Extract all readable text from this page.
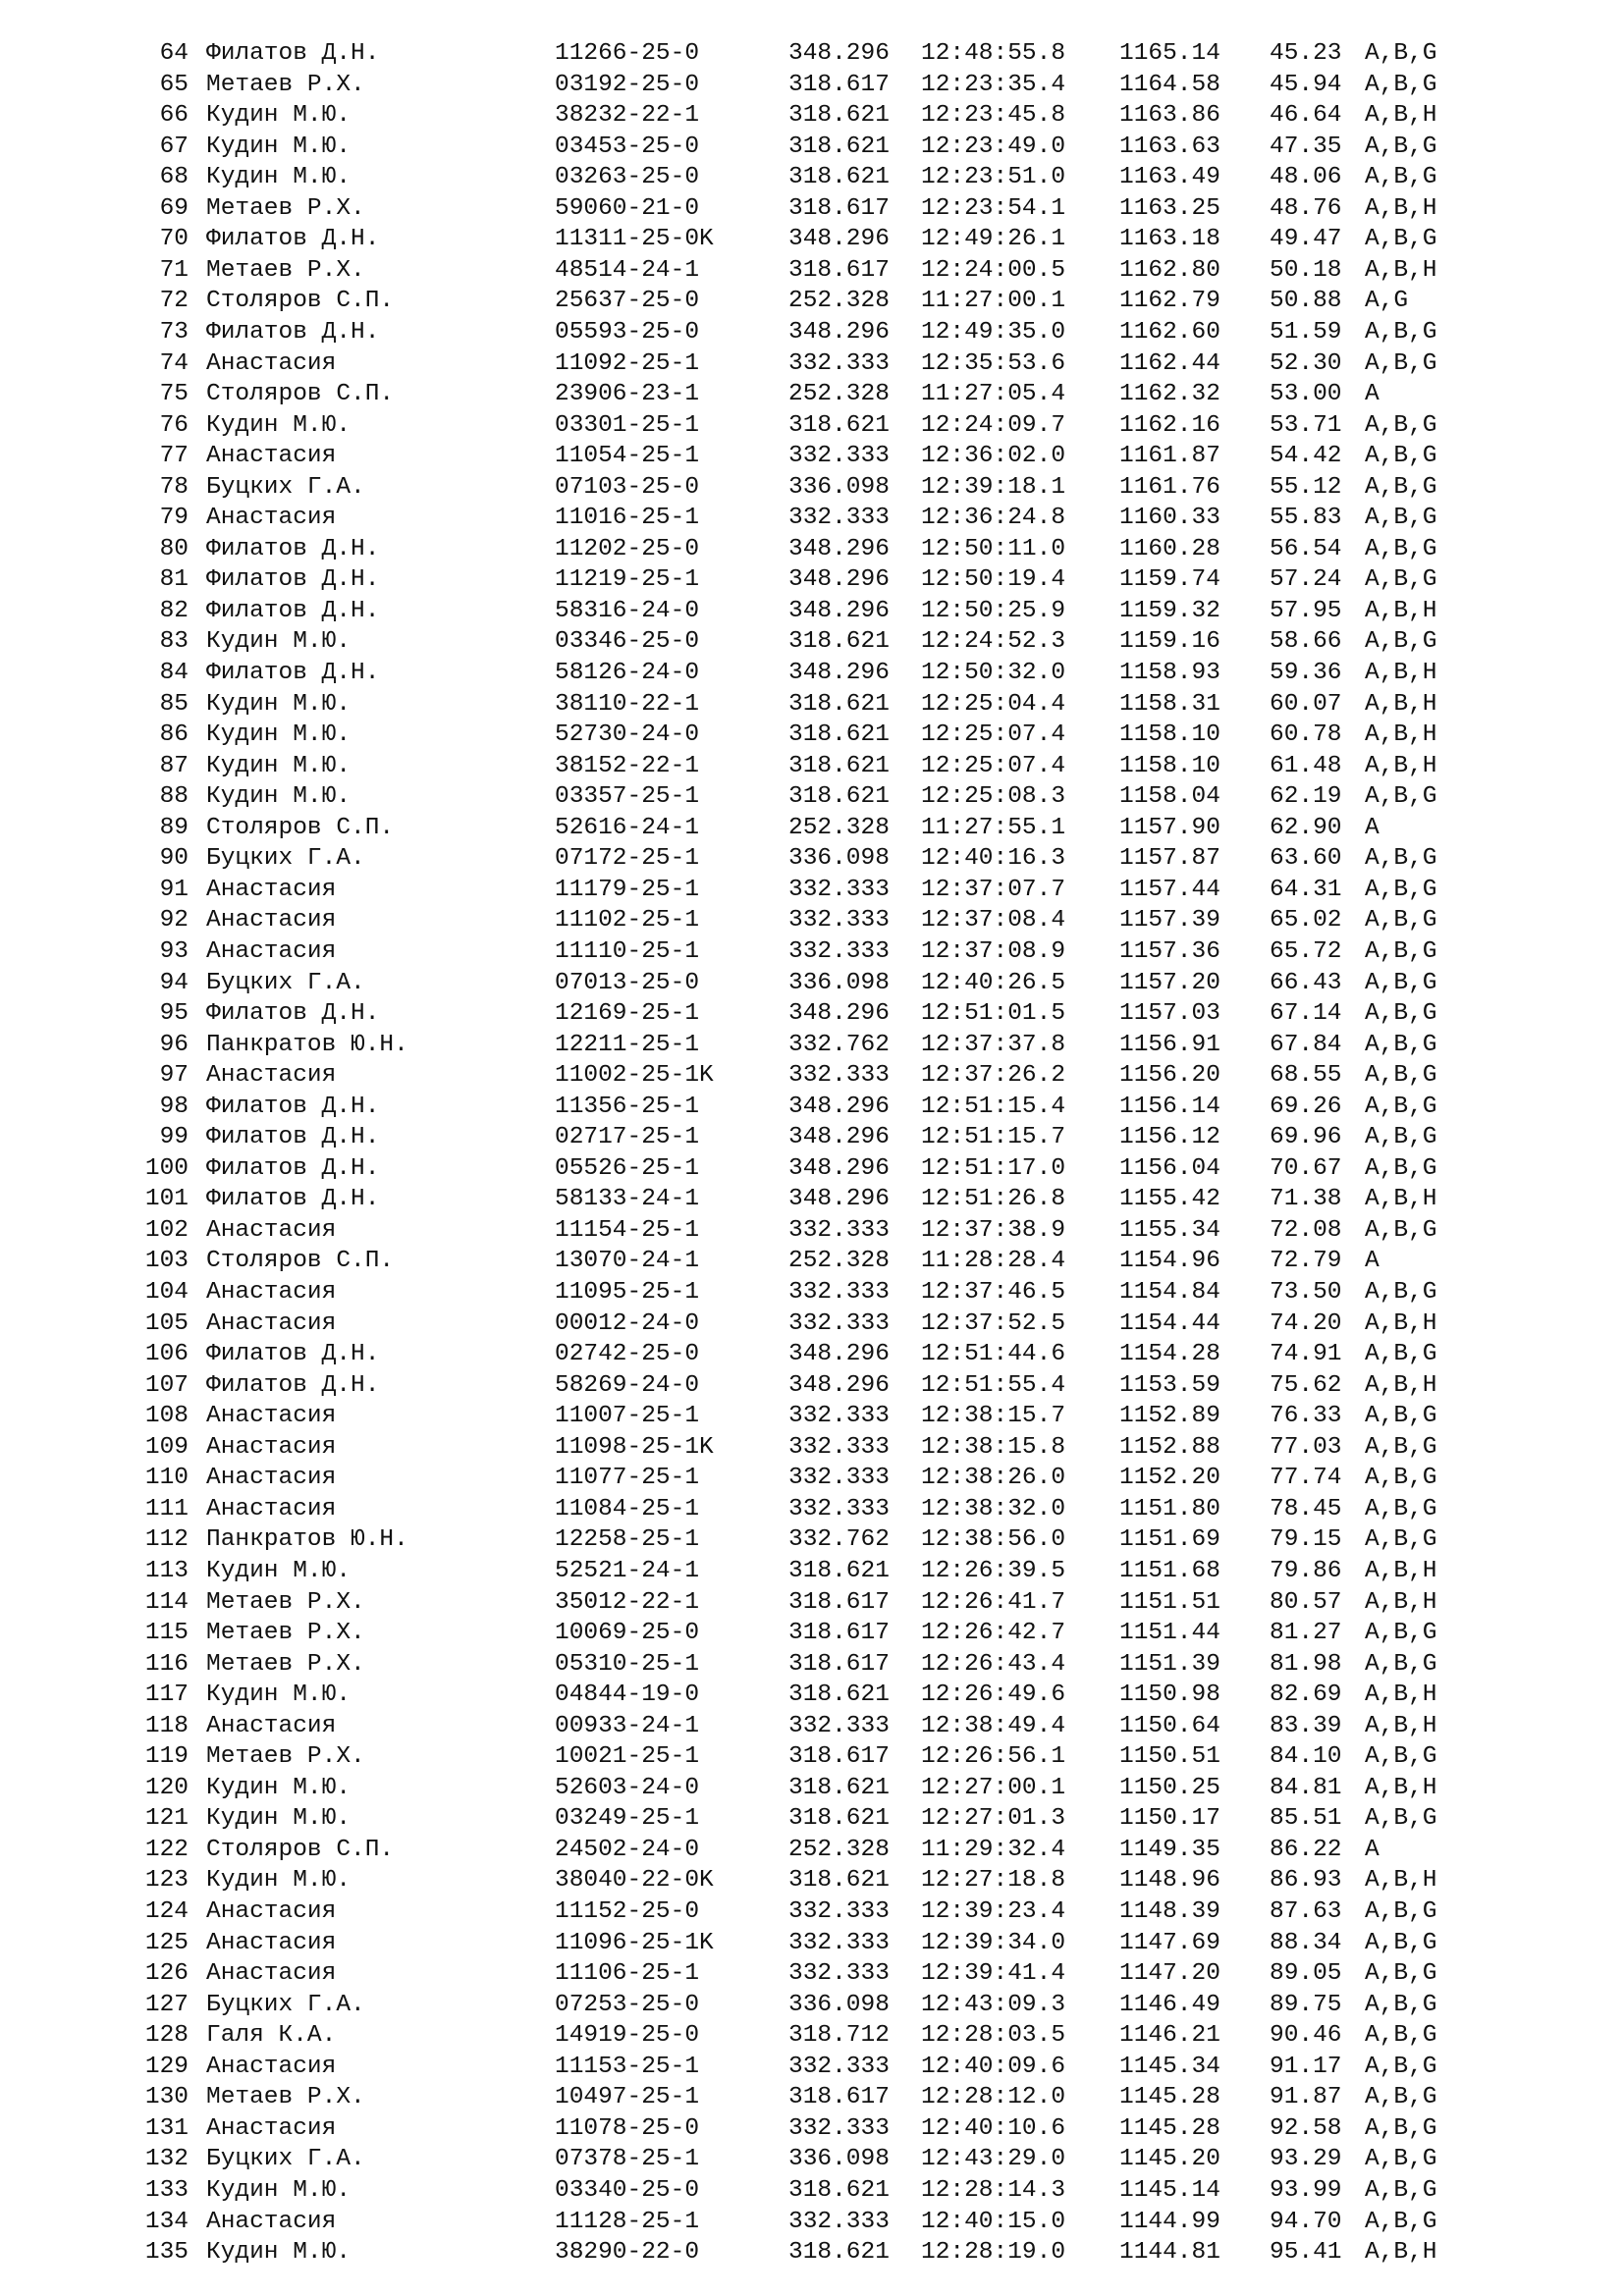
64 Филатов Д.Н.	11266-25-0	348.296 12:48:55.8 1165.14 45.23 A,B,G
65 Метаев Р.Х.	03192-25-0	318.617 12:23:35.4 1164.58 45.94 A,B,G
66 Кудин М.Ю.	38232-22-1	318.621 12:23:45.8 1163.86 46.64 A,B,H
67 Кудин М.Ю.	03453-25-0	318.621 12:23:49.0 1163.63 47.35 A,B,G
68 Кудин М.Ю.	03263-25-0	318.621 12:23:51.0 1163.49 48.06 A,B,G
69 Метаев Р.Х.	59060-21-0	318.617 12:23:54.1 1163.25 48.76 A,B,H
70 Филатов Д.Н.	11311-25-0K	348.296 12:49:26.1 1163.18 49.47 A,B,G
71 Метаев Р.Х.	48514-24-1	318.617 12:24:00.5 1162.80 50.18 A,B,H
72 Столяров С.П.	25637-25-0	252.328 11:27:00.1 1162.79 50.88 A,G
73 Филатов Д.Н.	05593-25-0	348.296 12:49:35.0 1162.60 51.59 A,B,G
74 Анастасия	11092-25-1	332.333 12:35:53.6 1162.44 52.30 A,B,G
75 Столяров С.П.	23906-23-1	252.328 11:27:05.4 1162.32 53.00 A
76 Кудин М.Ю.	03301-25-1	318.621 12:24:09.7 1162.16 53.71 A,B,G
77 Анастасия	11054-25-1	332.333 12:36:02.0 1161.87 54.42 A,B,G
78 Буцких Г.А.	07103-25-0	336.098 12:39:18.1 1161.76 55.12 A,B,G
79 Анастасия	11016-25-1	332.333 12:36:24.8 1160.33 55.83 A,B,G
80 Филатов Д.Н.	11202-25-0	348.296 12:50:11.0 1160.28 56.54 A,B,G
81 Филатов Д.Н.	11219-25-1	348.296 12:50:19.4 1159.74 57.24 A,B,G
82 Филатов Д.Н.	58316-24-0	348.296 12:50:25.9 1159.32 57.95 A,B,H
83 Кудин М.Ю.	03346-25-0	318.621 12:24:52.3 1159.16 58.66 A,B,G
84 Филатов Д.Н.	58126-24-0	348.296 12:50:32.0 1158.93 59.36 A,B,H
85 Кудин М.Ю.	38110-22-1	318.621 12:25:04.4 1158.31 60.07 A,B,H
86 Кудин М.Ю.	52730-24-0	318.621 12:25:07.4 1158.10 60.78 A,B,H
87 Кудин М.Ю.	38152-22-1	318.621 12:25:07.4 1158.10 61.48 A,B,H
88 Кудин М.Ю.	03357-25-1	318.621 12:25:08.3 1158.04 62.19 A,B,G
89 Столяров С.П.	52616-24-1	252.328 11:27:55.1 1157.90 62.90 A
90 Буцких Г.А.	07172-25-1	336.098 12:40:16.3 1157.87 63.60 A,B,G
91 Анастасия	11179-25-1	332.333 12:37:07.7 1157.44 64.31 A,B,G
92 Анастасия	11102-25-1	332.333 12:37:08.4 1157.39 65.02 A,B,G
93 Анастасия	11110-25-1	332.333 12:37:08.9 1157.36 65.72 A,B,G
94 Буцких Г.А.	07013-25-0	336.098 12:40:26.5 1157.20 66.43 A,B,G
95 Филатов Д.Н.	12169-25-1	348.296 12:51:01.5 1157.03 67.14 A,B,G
96 Панкратов Ю.Н.	12211-25-1	332.762 12:37:37.8 1156.91 67.84 A,B,G
97 Анастасия	11002-25-1K	332.333 12:37:26.2 1156.20 68.55 A,B,G
98 Филатов Д.Н.	11356-25-1	348.296 12:51:15.4 1156.14 69.26 A,B,G
99 Филатов Д.Н.	02717-25-1	348.296 12:51:15.7 1156.12 69.96 A,B,G
100 Филатов Д.Н.	05526-25-1	348.296 12:51:17.0 1156.04 70.67 A,B,G
101 Филатов Д.Н.	58133-24-1	348.296 12:51:26.8 1155.42 71.38 A,B,H
102 Анастасия	11154-25-1	332.333 12:37:38.9 1155.34 72.08 A,B,G
103 Столяров С.П.	13070-24-1	252.328 11:28:28.4 1154.96 72.79 A
104 Анастасия	11095-25-1	332.333 12:37:46.5 1154.84 73.50 A,B,G
105 Анастасия	00012-24-0	332.333 12:37:52.5 1154.44 74.20 A,B,H
106 Филатов Д.Н.	02742-25-0	348.296 12:51:44.6 1154.28 74.91 A,B,G
107 Филатов Д.Н.	58269-24-0	348.296 12:51:55.4 1153.59 75.62 A,B,H
108 Анастасия	11007-25-1	332.333 12:38:15.7 1152.89 76.33 A,B,G
109 Анастасия	11098-25-1K	332.333 12:38:15.8 1152.88 77.03 A,B,G
110 Анастасия	11077-25-1	332.333 12:38:26.0 1152.20 77.74 A,B,G
111 Анастасия	11084-25-1	332.333 12:38:32.0 1151.80 78.45 A,B,G
112 Панкратов Ю.Н.	12258-25-1	332.762 12:38:56.0 1151.69 79.15 A,B,G
113 Кудин М.Ю.	52521-24-1	318.621 12:26:39.5 1151.68 79.86 A,B,H
114 Метаев Р.Х.	35012-22-1	318.617 12:26:41.7 1151.51 80.57 A,B,H
115 Метаев Р.Х.	10069-25-0	318.617 12:26:42.7 1151.44 81.27 A,B,G
116 Метаев Р.Х.	05310-25-1	318.617 12:26:43.4 1151.39 81.98 A,B,G
117 Кудин М.Ю.	04844-19-0	318.621 12:26:49.6 1150.98 82.69 A,B,H
118 Анастасия	00933-24-1	332.333 12:38:49.4 1150.64 83.39 A,B,H
119 Метаев Р.Х.	10021-25-1	318.617 12:26:56.1 1150.51 84.10 A,B,G
120 Кудин М.Ю.	52603-24-0	318.621 12:27:00.1 1150.25 84.81 A,B,H
121 Кудин М.Ю.	03249-25-1	318.621 12:27:01.3 1150.17 85.51 A,B,G
122 Столяров С.П.	24502-24-0	252.328 11:29:32.4 1149.35 86.22 A
123 Кудин М.Ю.	38040-22-0K	318.621 12:27:18.8 1148.96 86.93 A,B,H
124 Анастасия	11152-25-0	332.333 12:39:23.4 1148.39 87.63 A,B,G
125 Анастасия	11096-25-1K	332.333 12:39:34.0 1147.69 88.34 A,B,G
126 Анастасия	11106-25-1	332.333 12:39:41.4 1147.20 89.05 A,B,G
127 Буцких Г.А.	07253-25-0	336.098 12:43:09.3 1146.49 89.75 A,B,G
128 Галя К.А.	14919-25-0	318.712 12:28:03.5 1146.21 90.46 A,B,G
129 Анастасия	11153-25-1	332.333 12:40:09.6 1145.34 91.17 A,B,G
130 Метаев Р.Х.	10497-25-1	318.617 12:28:12.0 1145.28 91.87 A,B,G
131 Анастасия	11078-25-0	332.333 12:40:10.6 1145.28 92.58 A,B,G
132 Буцких Г.А.	07378-25-1	336.098 12:43:29.0 1145.20 93.29 A,B,G
133 Кудин М.Ю.	03340-25-0	318.621 12:28:14.3 1145.14 93.99 A,B,G
134 Анастасия	11128-25-1	332.333 12:40:15.0 1144.99 94.70 A,B,G
135 Кудин М.Ю.	38290-22-0	318.621 12:28:19.0 1144.81 95.41 A,B,H
